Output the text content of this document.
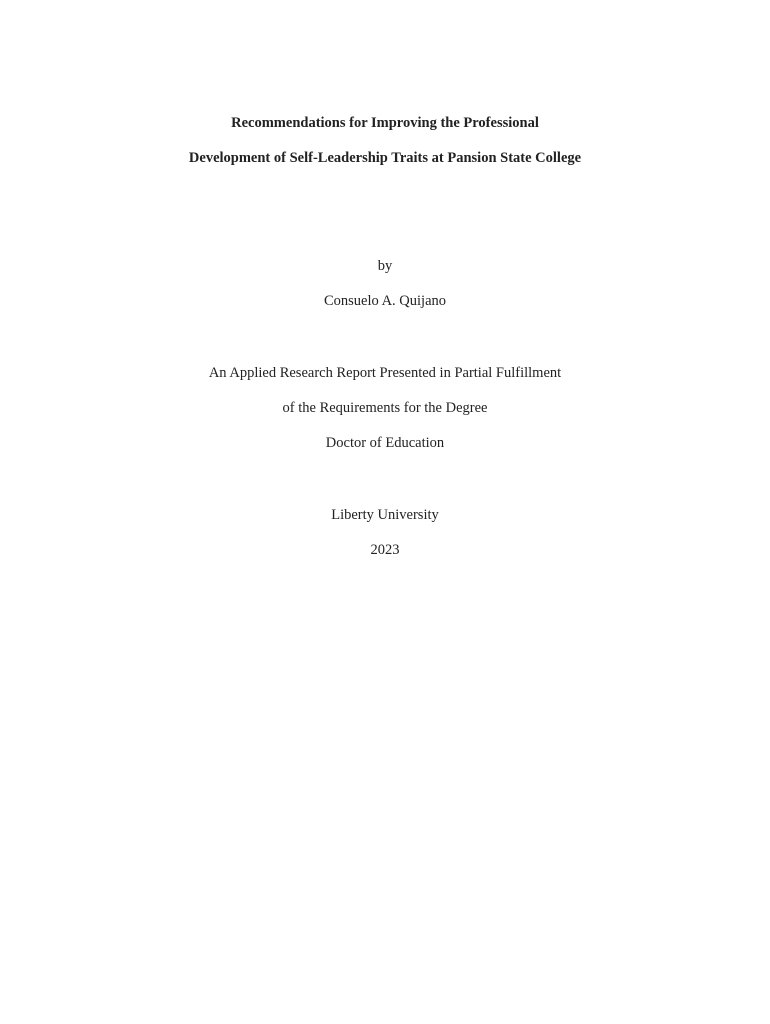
Recommendations for Improving the Professional
Development of Self-Leadership Traits at Pansion State College
by
Consuelo A. Quijano
An Applied Research Report Presented in Partial Fulfillment
of the Requirements for the Degree
Doctor of Education
Liberty University
2023
